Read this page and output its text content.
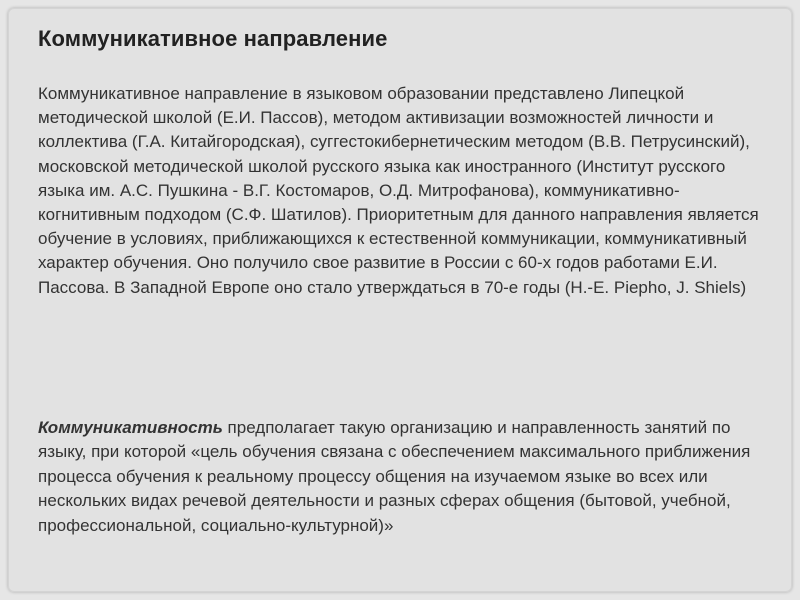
Коммуникативное направление

Коммуникативное направление в языковом образовании представлено Липецкой методической школой (Е.И. Пассов), методом активизации возможностей личности и коллектива (Г.А. Китайгородская), суггестокибернетическим методом (В.В. Петрусинский), московской методической школой русского языка как иностранного (Институт русского языка им. А.С. Пушкина - В.Г. Костомаров, О.Д. Митрофанова), коммуникативно-когнитивным подходом (С.Ф. Шатилов). Приоритетным для данного направления является обучение в условиях, приближающихся к естественной коммуникации, коммуникативный характер обучения. Оно получило свое развитие в России с 60-х годов работами Е.И. Пассова. В Западной Европе оно стало утверждаться в 70-е годы (H.-E. Piepho, J. Shiels)

Коммуникативность предполагает такую организацию и направленность занятий по языку, при которой «цель обучения связана с обеспечением максимального приближения процесса обучения к реальному процессу общения на изучаемом языке во всех или нескольких видах речевой деятельности и разных сферах общения (бытовой, учебной, профессиональной, социально-культурной)»
